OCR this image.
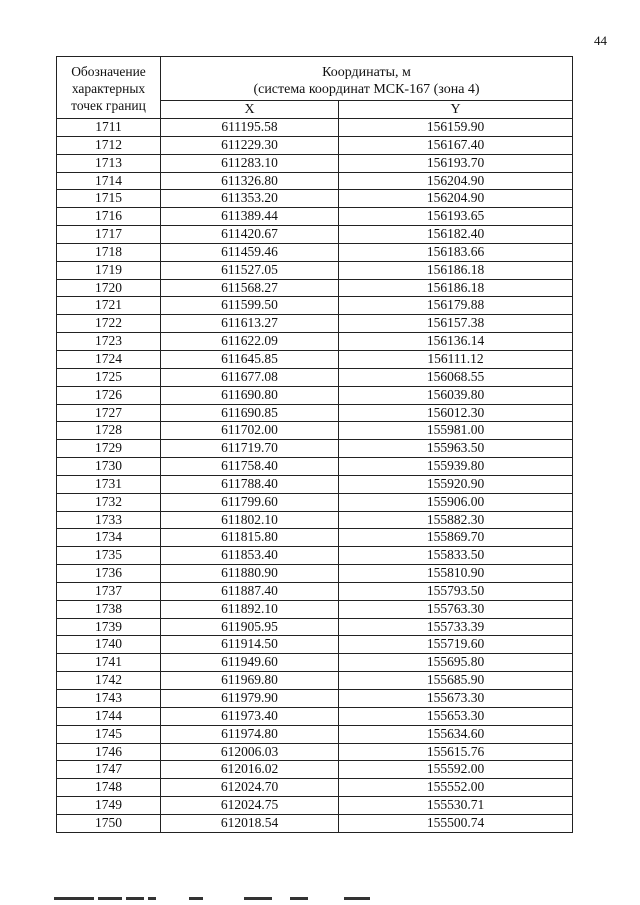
44
Обозначение характерных точек границ	Координаты, м
(система координат МСК-167 (зона 4)	

	X	Y
1711	611195.58	156159.90
1712	611229.30	156167.40
1713	611283.10	156193.70
1714	611326.80	156204.90
1715	611353.20	156204.90
1716	611389.44	156193.65
1717	611420.67	156182.40
1718	611459.46	156183.66
1719	611527.05	156186.18
1720	611568.27	156186.18
1721	611599.50	156179.88
1722	611613.27	156157.38
1723	611622.09	156136.14
1724	611645.85	156111.12
1725	611677.08	156068.55
1726	611690.80	156039.80
1727	611690.85	156012.30
1728	611702.00	155981.00
1729	611719.70	155963.50
1730	611758.40	155939.80
1731	611788.40	155920.90
1732	611799.60	155906.00
1733	611802.10	155882.30
1734	611815.80	155869.70
1735	611853.40	155833.50
1736	611880.90	155810.90
1737	611887.40	155793.50
1738	611892.10	155763.30
1739	611905.95	155733.39
1740	611914.50	155719.60
1741	611949.60	155695.80
1742	611969.80	155685.90
1743	611979.90	155673.30
1744	611973.40	155653.30
1745	611974.80	155634.60
1746	612006.03	155615.76
1747	612016.02	155592.00
1748	612024.70	155552.00
1749	612024.75	155530.71
1750	612018.54	155500.74
